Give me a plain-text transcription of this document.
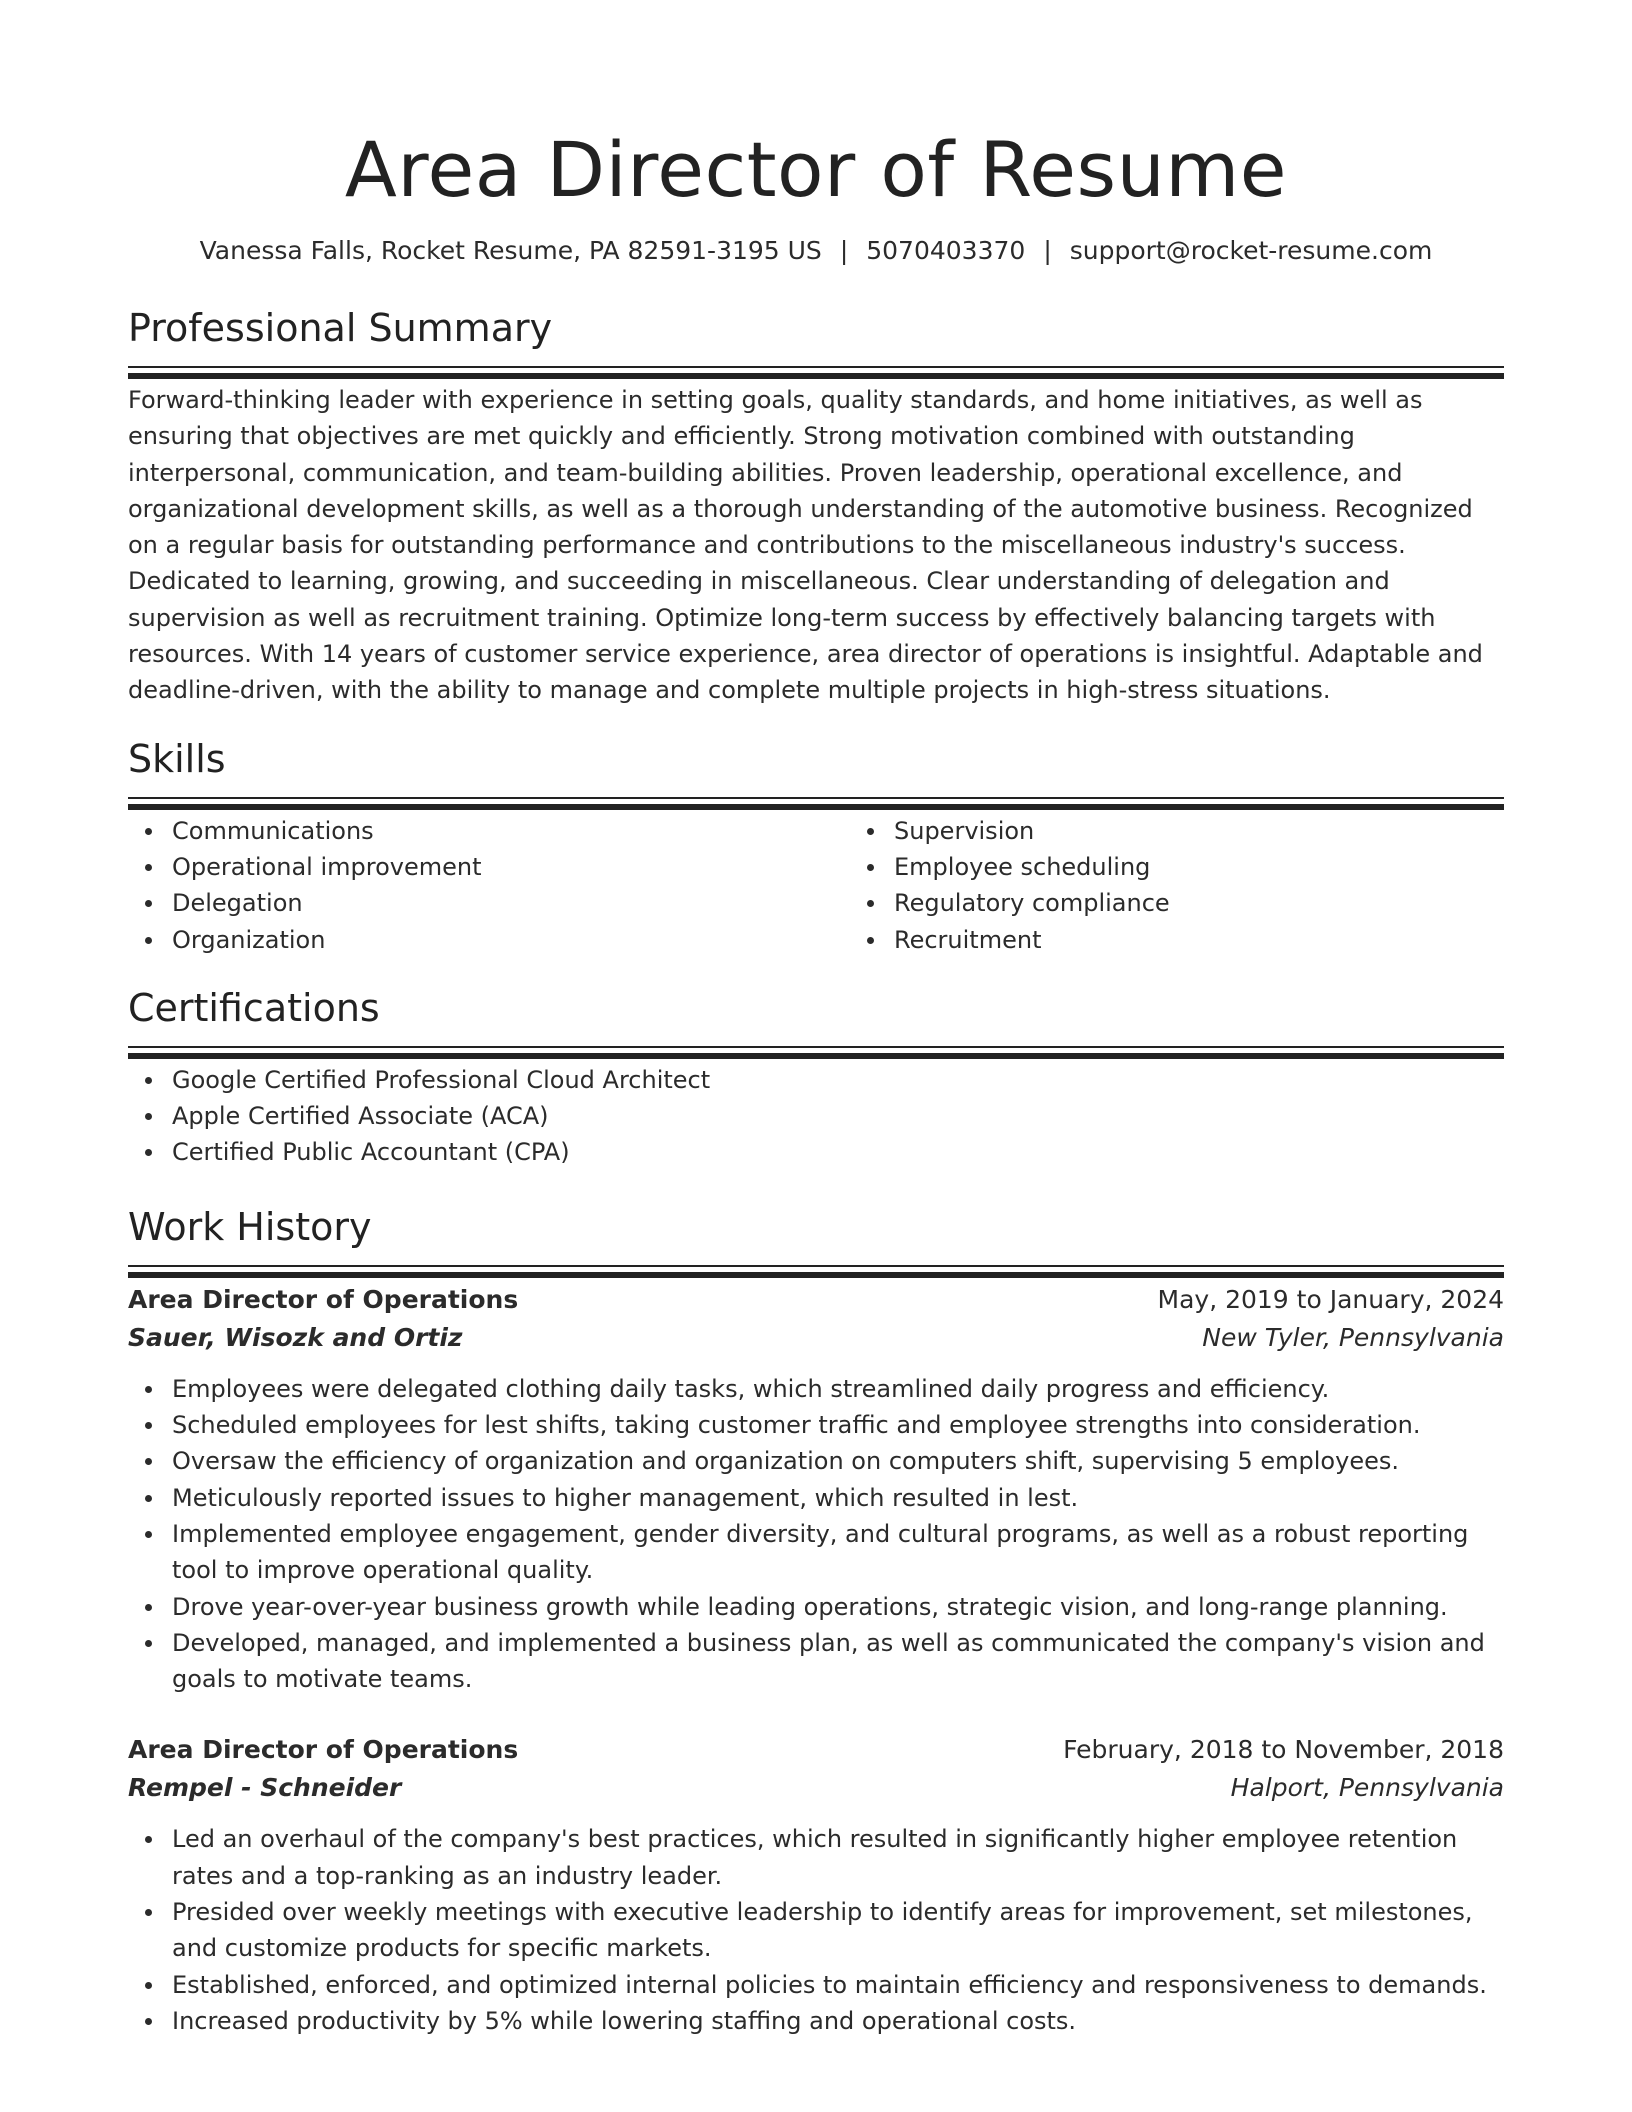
Area Director of Resume
Vanessa Falls, Rocket Resume, PA 82591-3195 US | 5070403370 | support@rocket-resume.com
Professional Summary

Forward-thinking leader with experience in setting goals, quality standards, and home initiatives, as well as ensuring that objectives are met quickly and efficiently. Strong motivation combined with outstanding interpersonal, communication, and team-building abilities. Proven leadership, operational excellence, and organizational development skills, as well as a thorough understanding of the automotive business. Recognized on a regular basis for outstanding performance and contributions to the miscellaneous industry's success. Dedicated to learning, growing, and succeeding in miscellaneous. Clear understanding of delegation and supervision as well as recruitment training. Optimize long-term success by effectively balancing targets with resources. With 14 years of customer service experience, area director of operations is insightful. Adaptable and deadline-driven, with the ability to manage and complete multiple projects in high-stress situations.

Skills
Communications
Operational improvement
Delegation
Organization
Supervision
Employee scheduling
Regulatory compliance
Recruitment
Certifications
Google Certified Professional Cloud Architect
Apple Certified Associate (ACA)
Certified Public Accountant (CPA)
Work History
Area Director of Operations	May, 2019 to January, 2024
Sauer, Wisozk and Ortiz	New Tyler, Pennsylvania
Employees were delegated clothing daily tasks, which streamlined daily progress and efficiency.
Scheduled employees for lest shifts, taking customer traffic and employee strengths into consideration.
Oversaw the efficiency of organization and organization on computers shift, supervising 5 employees.
Meticulously reported issues to higher management, which resulted in lest.
Implemented employee engagement, gender diversity, and cultural programs, as well as a robust reporting tool to improve operational quality.
Drove year-over-year business growth while leading operations, strategic vision, and long-range planning.
Developed, managed, and implemented a business plan, as well as communicated the company's vision and goals to motivate teams.
Area Director of Operations	February, 2018 to November, 2018
Rempel - Schneider	Halport, Pennsylvania
Led an overhaul of the company's best practices, which resulted in significantly higher employee retention rates and a top-ranking as an industry leader.
Presided over weekly meetings with executive leadership to identify areas for improvement, set milestones, and customize products for specific markets.
Established, enforced, and optimized internal policies to maintain efficiency and responsiveness to demands.
Increased productivity by 5% while lowering staffing and operational costs.
